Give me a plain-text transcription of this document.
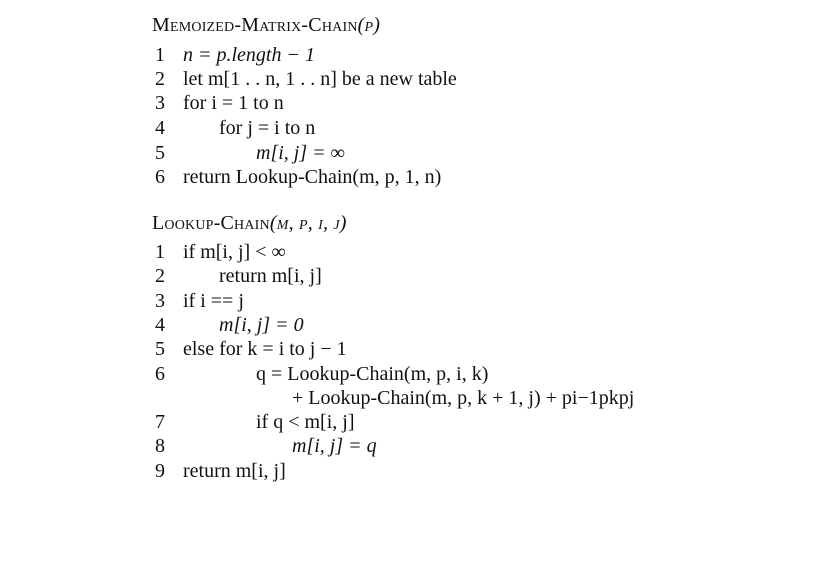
Memoized-Matrix-Chain(p)
1 n = p.length − 1
2 let m[1 . . n, 1 . . n] be a new table
3 for i = 1 to n
4	for j = i to n
5	m[i, j] = ∞
6 return Lookup-Chain(m, p, 1, n)
Lookup-Chain(m, p, i, j)
1 if m[i, j] < ∞
2	return m[i, j]
3 if i == j
4	m[i, j] = 0
5 else for k = i to j − 1
6	q = Lookup-Chain(m, p, i, k)
+ Lookup-Chain(m, p, k + 1, j) + pi−1pkpj
7	if q < m[i, j]
8	m[i, j] = q
9 return m[i, j]
